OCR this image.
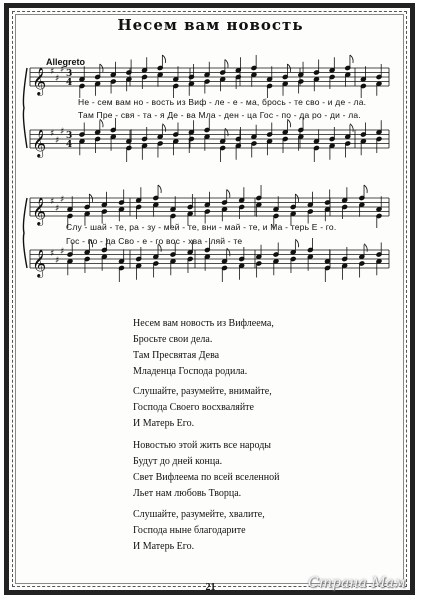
Несем вам новость
Allegreto
𝄞 ♯
♯
♯ 3
4
𝄞 ♯
♯
♯ 3
4
𝄞 ♯
♯
♯
𝄞 ♯
♯
♯
Не - сем вам но - вость из Виф - ле - е - ма, брось - те сво - и де - ла.
Там Пре - свя - та - я Де - ва Мла - ден - ца Гос - по - да ро - ди - ла.
Слу - шай - те, ра - зу - мей - те, вни - май - те, и Ма - терь Е - го.
Гос - по - да Сво - е - го вос - хва - ляй - те
Несем вам новость из Вифлеема,
Бросьте свои дела.
Там Пресвятая Дева
Младенца Господа родила.
Слушайте, разумейте, внимайте,
Господа Своего восхваляйте
И Матерь Его.
Новостью этой жить все народы
Будут до дней конца.
Свет Вифлеема по всей вселенной
Льет нам любовь Творца.
Слушайте, разумейте, хвалите,
Господа ныне благодарите
И Матерь Его.
21	Страна Мам
